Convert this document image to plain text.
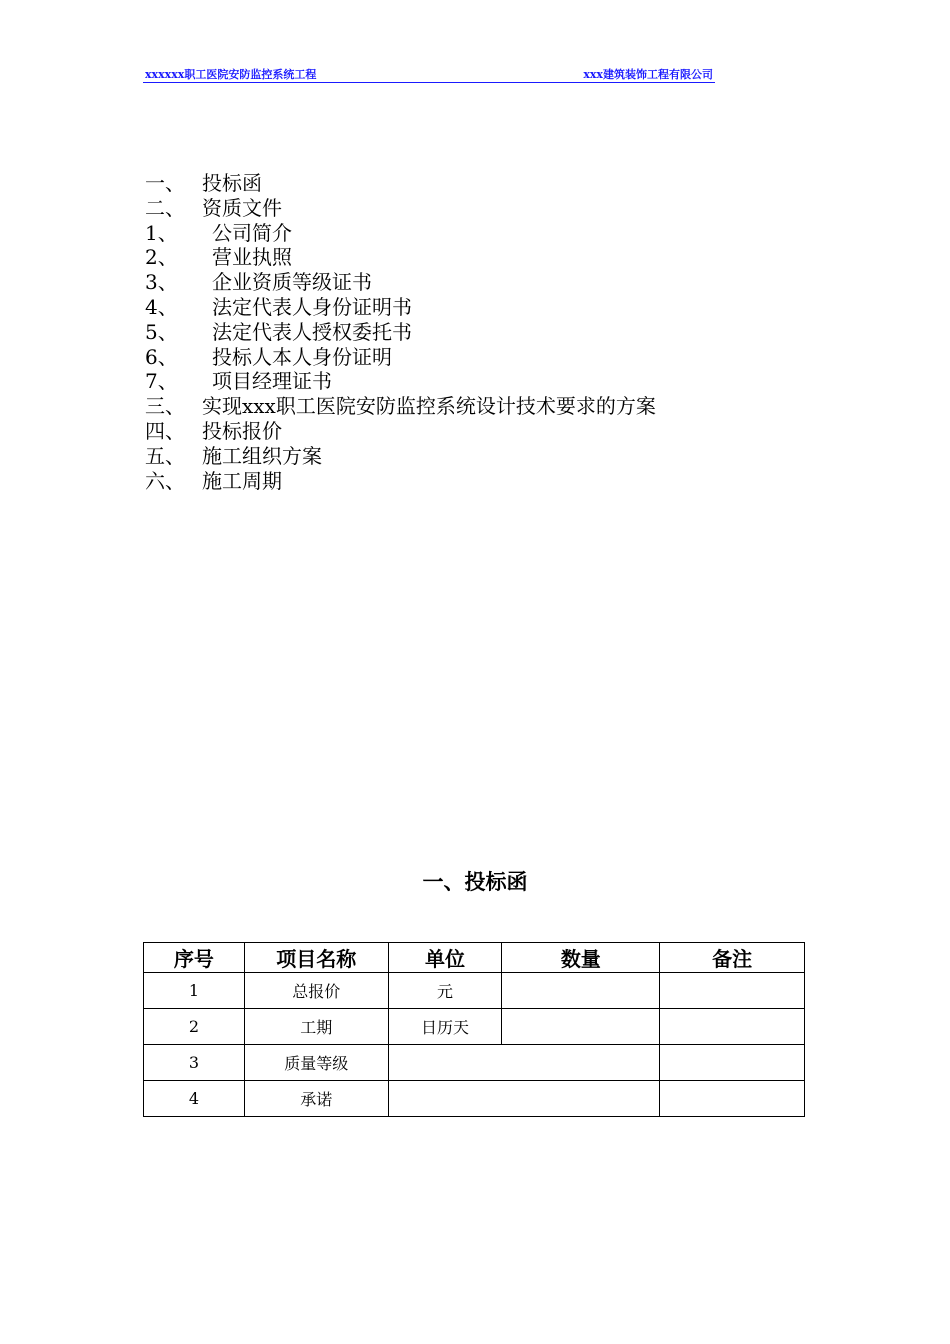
xxxxxx职工医院安防监控系统工程	xxx建筑装饰工程有限公司
一、 投标函
二、 资质文件
1、	公司简介
2、	营业执照
3、	企业资质等级证书
4、	法定代表人身份证明书
5、	法定代表人授权委托书
6、	投标人本人身份证明
7、	项目经理证书
三、 实现xxx职工医院安防监控系统设计技术要求的方案
四、 投标报价
五、 施工组织方案
六、 施工周期
一、投标函
序号	项目名称	单位	数量	备注
1	总报价	元		
2	工期	日历天		
3	质量等级			
4	承诺			
